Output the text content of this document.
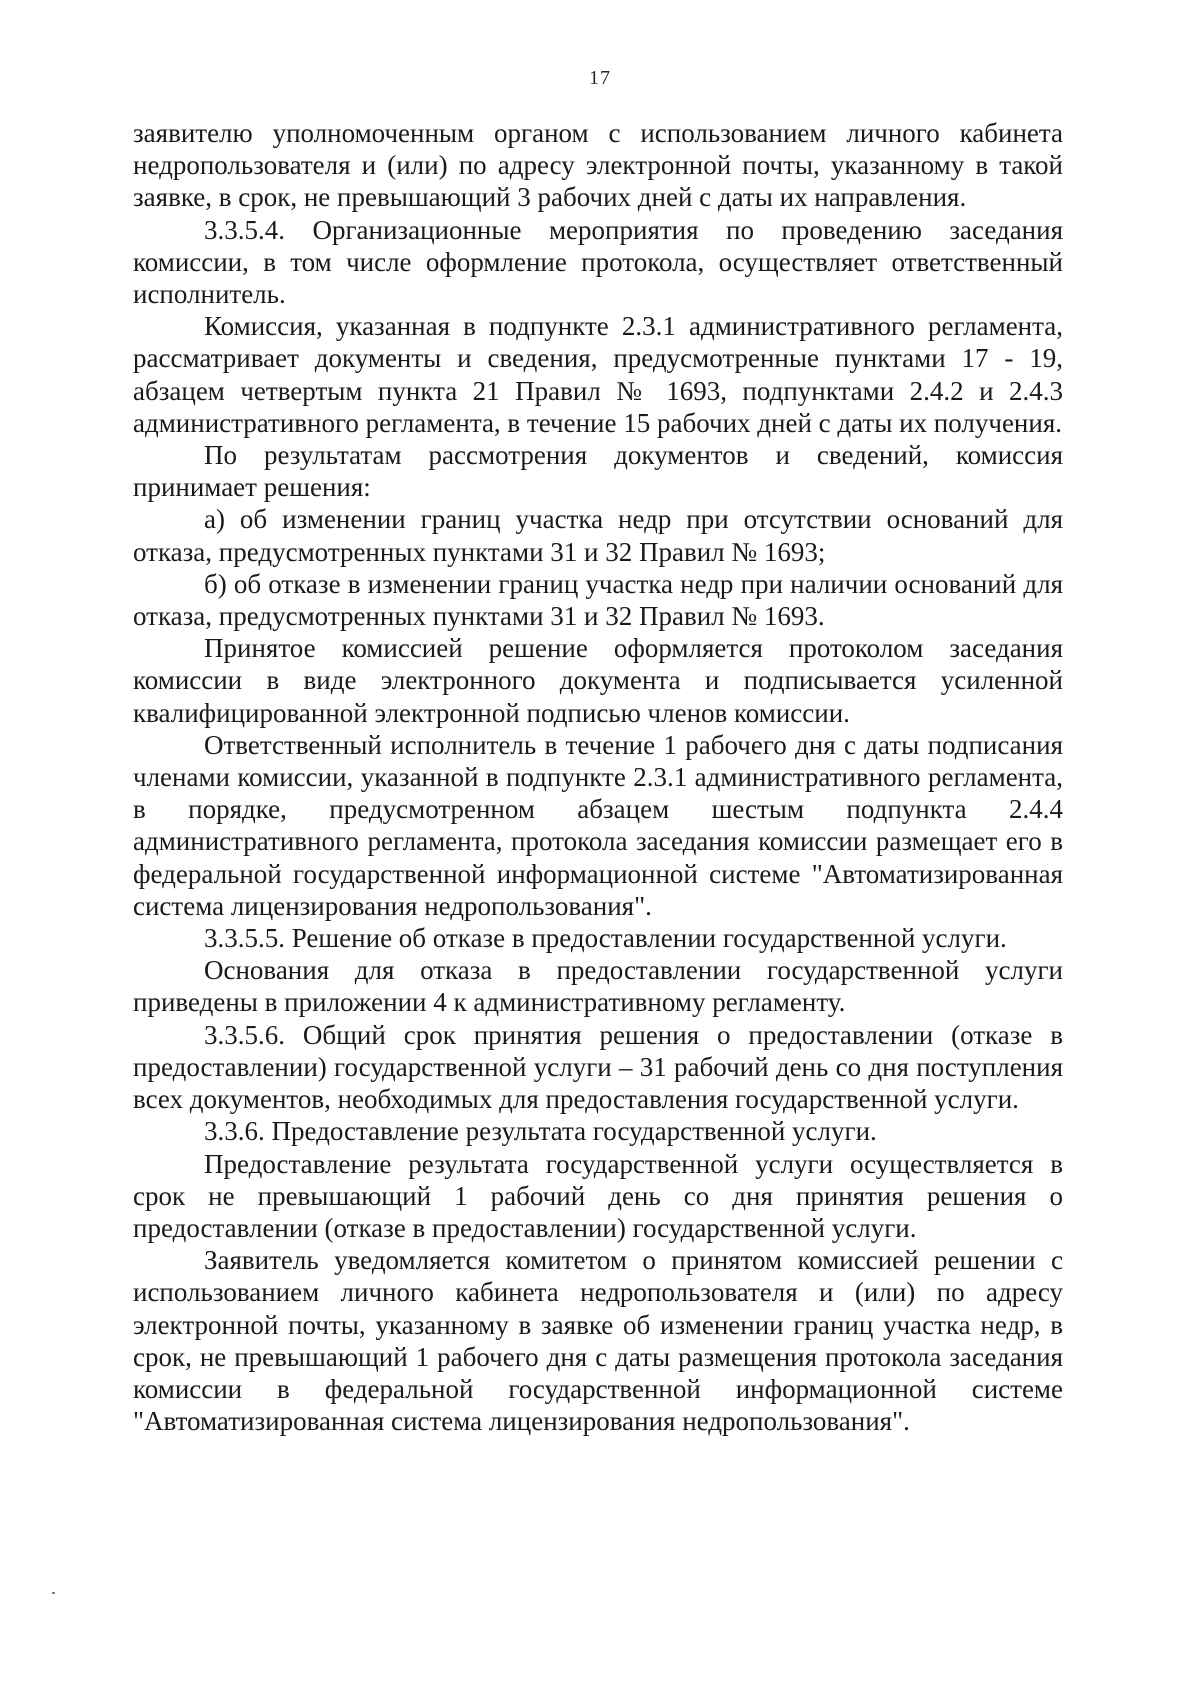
17

заявителю уполномоченным органом с использованием личного кабинета недропользователя и (или) по адресу электронной почты, указанному в такой заявке, в срок, не превышающий 3 рабочих дней с даты их направления.

3.3.5.4. Организационные мероприятия по проведению заседания комиссии, в том числе оформление протокола, осуществляет ответственный исполнитель.

Комиссия, указанная в подпункте 2.3.1 административного регламента, рассматривает документы и сведения, предусмотренные пунктами 17 - 19, абзацем четвертым пункта 21 Правил № 1693, подпунктами 2.4.2 и 2.4.3 административного регламента, в течение 15 рабочих дней с даты их получения.

По результатам рассмотрения документов и сведений, комиссия принимает решения:

а) об изменении границ участка недр при отсутствии оснований для отказа, предусмотренных пунктами 31 и 32 Правил № 1693;

б) об отказе в изменении границ участка недр при наличии оснований для отказа, предусмотренных пунктами 31 и 32 Правил № 1693.

Принятое комиссией решение оформляется протоколом заседания комиссии в виде электронного документа и подписывается усиленной квалифицированной электронной подписью членов комиссии.

Ответственный исполнитель в течение 1 рабочего дня с даты подписания членами комиссии, указанной в подпункте 2.3.1 административного регламента, в порядке, предусмотренном абзацем шестым подпункта 2.4.4 административного регламента, протокола заседания комиссии размещает его в федеральной государственной информационной системе "Автоматизированная система лицензирования недропользования".

3.3.5.5. Решение об отказе в предоставлении государственной услуги.

Основания для отказа в предоставлении государственной услуги приведены в приложении 4 к административному регламенту.

3.3.5.6. Общий срок принятия решения о предоставлении (отказе в предоставлении) государственной услуги – 31 рабочий день со дня поступления всех документов, необходимых для предоставления государственной услуги.

3.3.6. Предоставление результата государственной услуги.

Предоставление результата государственной услуги осуществляется в срок не превышающий 1 рабочий день со дня принятия решения о предоставлении (отказе в предоставлении) государственной услуги.

Заявитель уведомляется комитетом о принятом комиссией решении с использованием личного кабинета недропользователя и (или) по адресу электронной почты, указанному в заявке об изменении границ участка недр, в срок, не превышающий 1 рабочего дня с даты размещения протокола заседания комиссии в федеральной государственной информационной системе "Автоматизированная система лицензирования недропользования".
